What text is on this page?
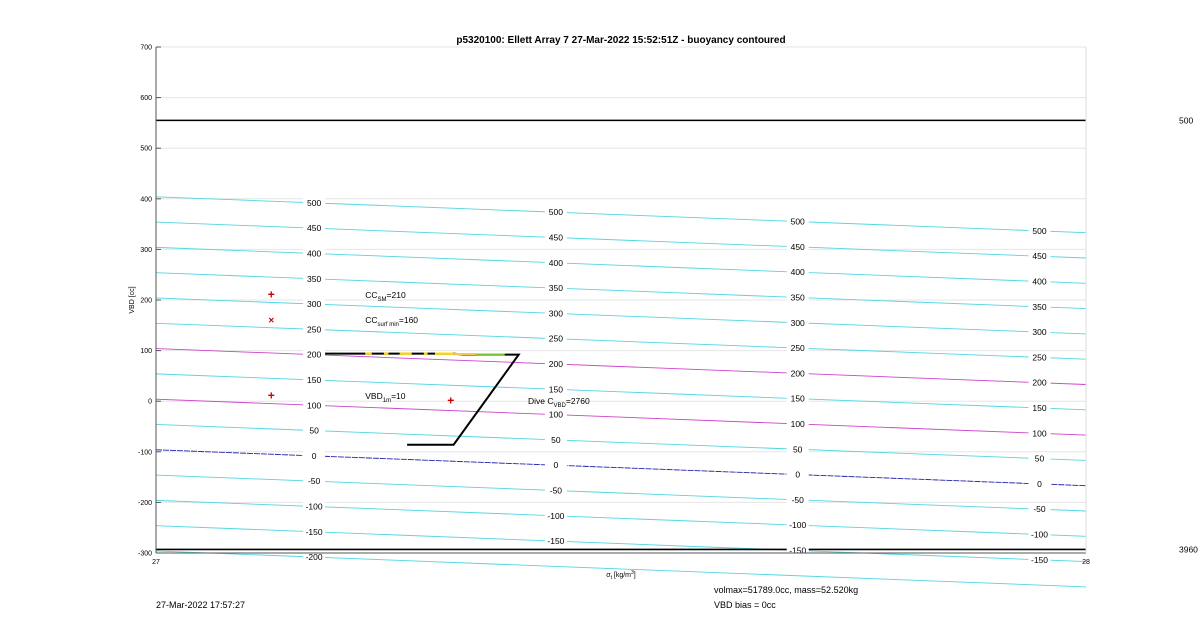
500
3960
+
×
+	+
500
450
400
350
300
250
200
150
100
50
0
-50
-100
-150
-200
500
450
400
350
300
250
200
150
100
50
0
-50
-100
-150
500
450
400
350
300
250
200
150
100
50
0
-50
-100
-150
500
450
400
350
300
250
200
150
100
50
0
-50
-100
-150
$CC_{SM}=210$
$CC_{surf min}=160$
$VBD_{1m}=10$
Dive $C_{VBD}=2760$
700
600
500
400
300
200
100
0
-100
-200
-300
27	28
p5320100: Ellett Array 7 27-Mar-2022 15:52:51Z - buoyancy contoured
VBD [cc]
$\sigma_t$ $[kg/m^3]$
27-Mar-2022 17:57:27
volmax=51789.0cc, mass=52.520kg
VBD bias = 0cc
